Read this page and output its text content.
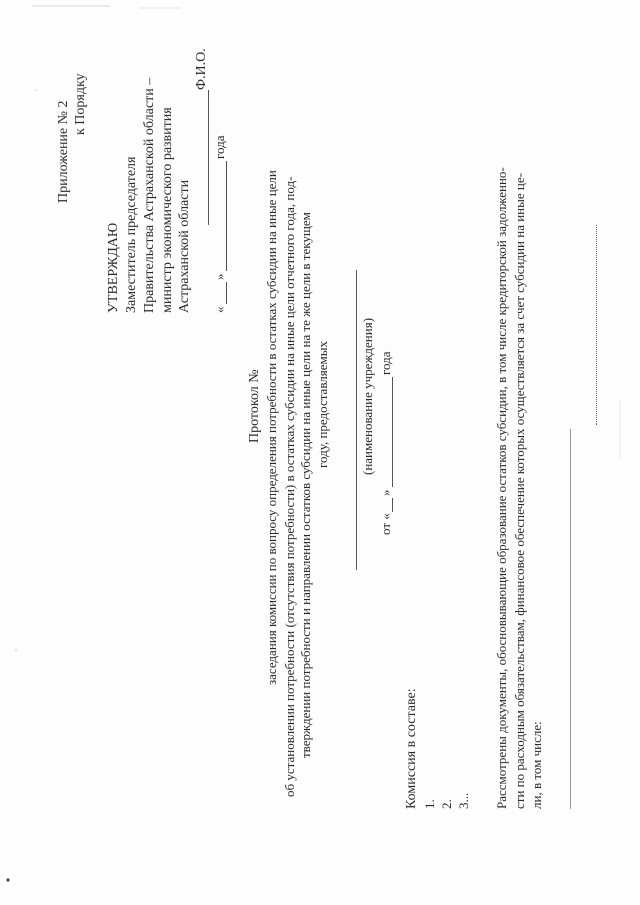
Приложение № 2 к Порядку
УТВЕРЖДАЮ Заместитель председателя Правительства Астраханской области – министр экономического развития Астраханской области
Ф.И.О.
«
»
года
Протокол № заседания комиссии по вопросу определения потребности в остатках субсидии на иные цели об установлении потребности (отсутствия потребности) в остатках субсидии на иные цели отчетного года, под- тверждении потребности и направлении остатков субсидии на иные цели на те же цели в текущем году, предоставляемых (наименование учреждения)
от «
»
года
Комиссия в составе: 1. 2. 3... Рассмотрены документы, обосновывающие образование остатков субсидии, в том числе кредиторской задолженно- сти по расходным обязательствам, финансовое обеспечение которых осуществляется за счет субсидии на иные це- ли, в том числе:
